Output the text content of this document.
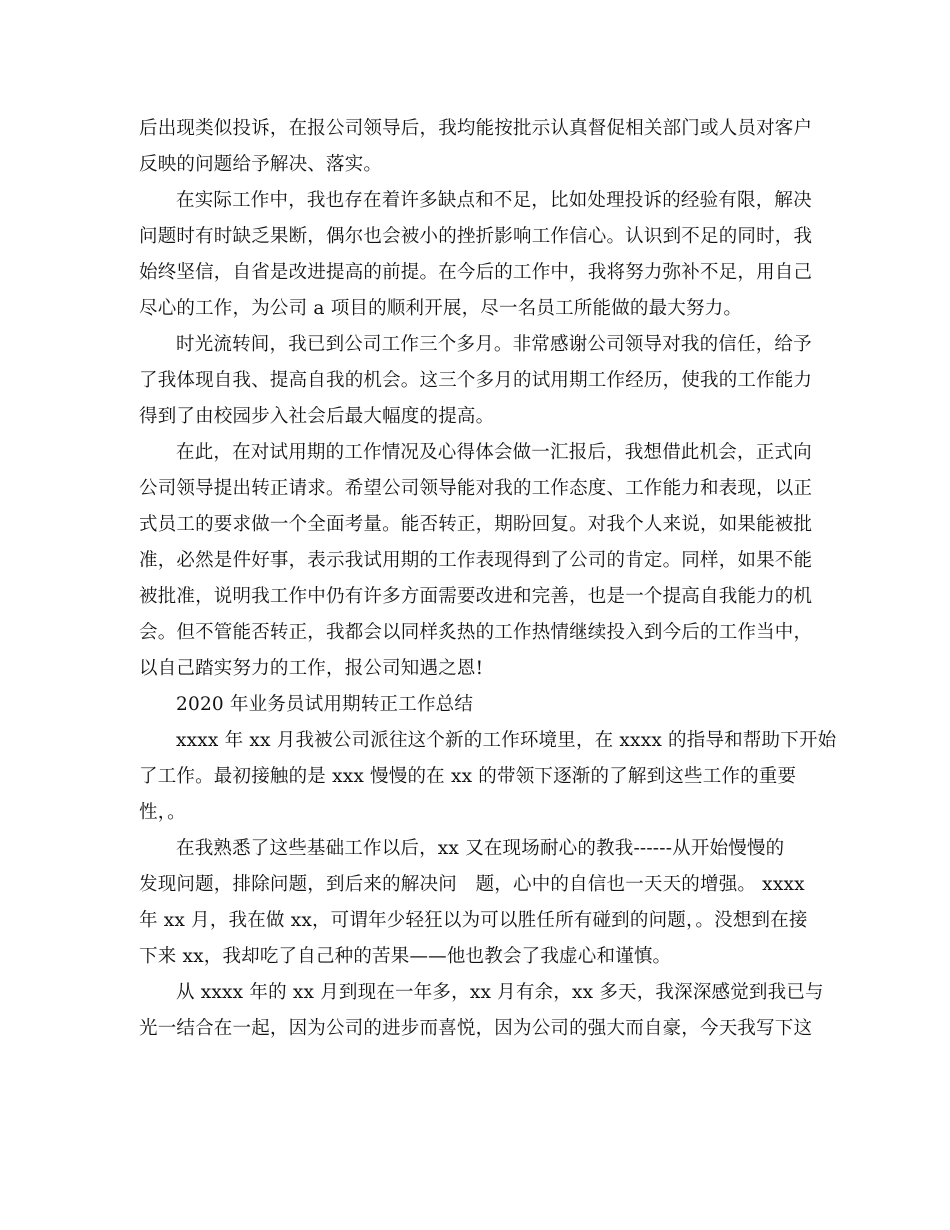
后出现类似投诉，在报公司领导后，我均能按批示认真督促相关部门或人员对客户
反映的问题给予解决、落实。
在实际工作中，我也存在着许多缺点和不足，比如处理投诉的经验有限，解决
问题时有时缺乏果断，偶尔也会被小的挫折影响工作信心。认识到不足的同时，我
始终坚信，自省是改进提高的前提。在今后的工作中，我将努力弥补不足，用自己
尽心的工作，为公司 a 项目的顺利开展，尽一名员工所能做的最大努力。
时光流转间，我已到公司工作三个多月。非常感谢公司领导对我的信任，给予
了我体现自我、提高自我的机会。这三个多月的试用期工作经历，使我的工作能力
得到了由校园步入社会后最大幅度的提高。
在此，在对试用期的工作情况及心得体会做一汇报后，我想借此机会，正式向
公司领导提出转正请求。希望公司领导能对我的工作态度、工作能力和表现，以正
式员工的要求做一个全面考量。能否转正，期盼回复。对我个人来说，如果能被批
准，必然是件好事，表示我试用期的工作表现得到了公司的肯定。同样，如果不能
被批准，说明我工作中仍有许多方面需要改进和完善，也是一个提高自我能力的机
会。但不管能否转正，我都会以同样炙热的工作热情继续投入到今后的工作当中，
以自己踏实努力的工作，报公司知遇之恩!
2020 年业务员试用期转正工作总结
xxxx 年 xx 月我被公司派往这个新的工作环境里，在 xxxx 的指导和帮助下开始
了工作。最初接触的是 xxx 慢慢的在 xx 的带领下逐渐的了解到这些工作的重要
性，。
在我熟悉了这些基础工作以后，xx 又在现场耐心的教我------从开始慢慢的
发现问题，排除问题，到后来的解决问　题，心中的自信也一天天的增强。 xxxx
年 xx 月，我在做 xx，可谓年少轻狂以为可以胜任所有碰到的问题，。没想到在接
下来 xx，我却吃了自己种的苦果——他也教会了我虚心和谨慎。
从 xxxx 年的 xx 月到现在一年多，xx 月有余，xx 多天，我深深感觉到我已与
光一结合在一起，因为公司的进步而喜悦，因为公司的强大而自豪，今天我写下这
